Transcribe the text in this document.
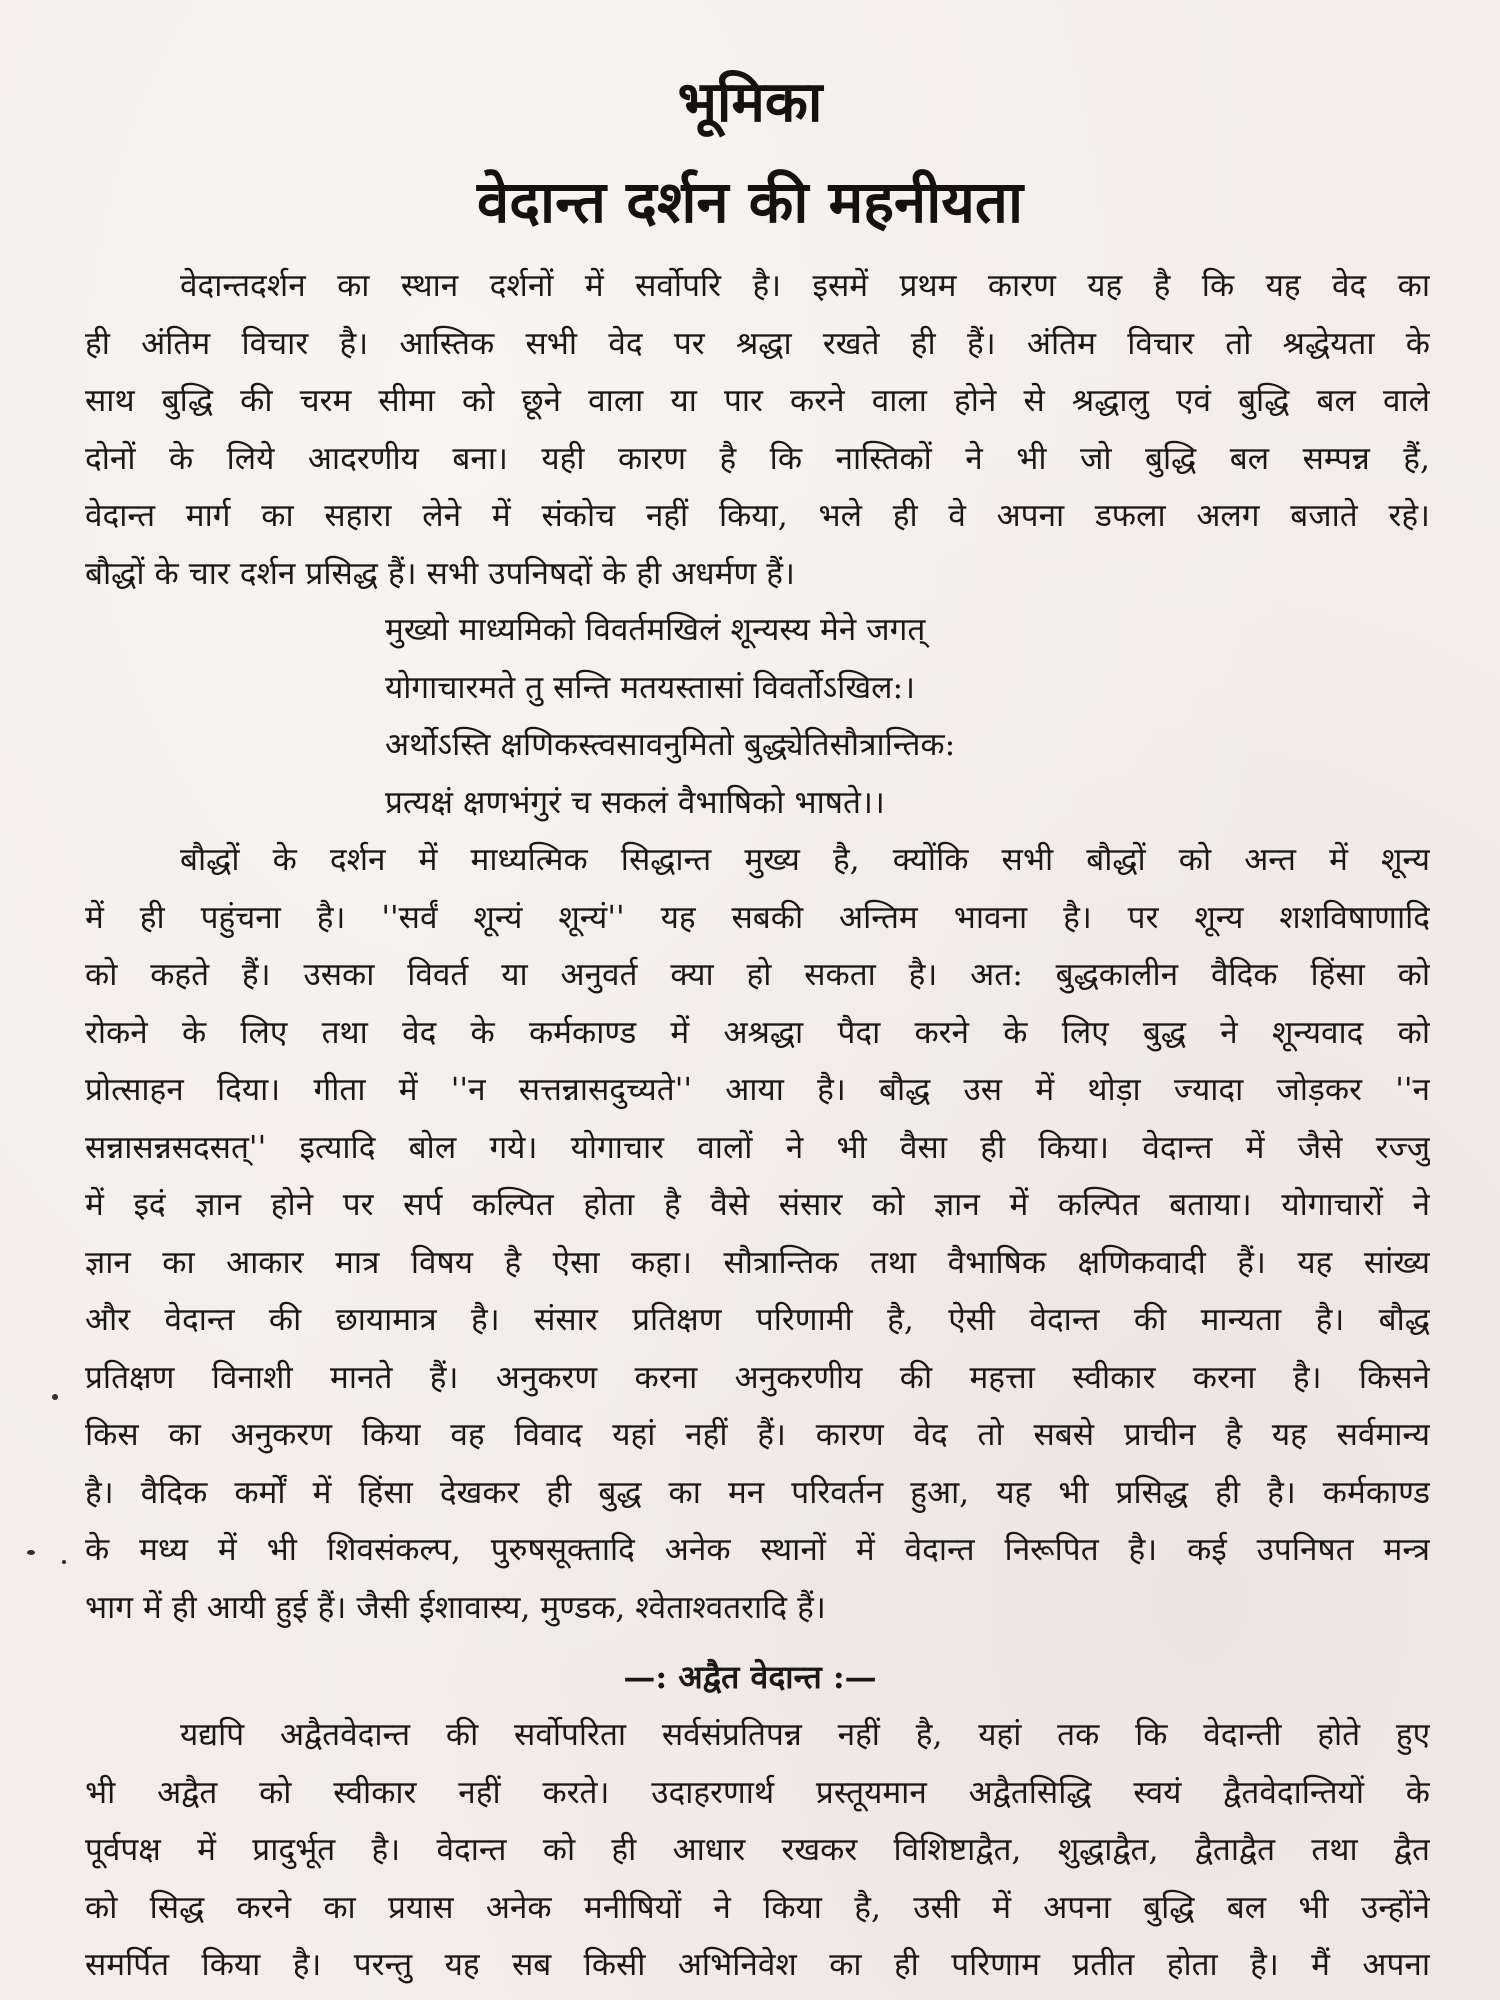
भूमिका
वेदान्त दर्शन की महनीयता
वेदान्तदर्शन का स्थान दर्शनों में सर्वोपरि है। इसमें प्रथम कारण यह है कि यह वेद का
ही अंतिम विचार है। आस्तिक सभी वेद पर श्रद्धा रखते ही हैं। अंतिम विचार तो श्रद्धेयता के
साथ बुद्धि की चरम सीमा को छूने वाला या पार करने वाला होने से श्रद्धालु एवं बुद्धि बल वाले
दोनों के लिये आदरणीय बना। यही कारण है कि नास्तिकों ने भी जो बुद्धि बल सम्पन्न हैं,
वेदान्त मार्ग का सहारा लेने में संकोच नहीं किया, भले ही वे अपना डफला अलग बजाते रहे।
बौद्धों के चार दर्शन प्रसिद्ध हैं। सभी उपनिषदों के ही अधर्मण हैं।
मुख्यो माध्यमिको विवर्तमखिलं शून्यस्य मेने जगत्
योगाचारमते तु सन्ति मतयस्तासां विवर्तोऽखिल:।
अर्थोऽस्ति क्षणिकस्त्वसावनुमितो बुद्ध्येतिसौत्रान्तिक:
प्रत्यक्षं क्षणभंगुरं च सकलं वैभाषिको भाषते।।
बौद्धों के दर्शन में माध्यत्मिक सिद्धान्त मुख्य है, क्योंकि सभी बौद्धों को अन्त में शून्य
में ही पहुंचना है। ''सर्वं शून्यं शून्यं'' यह सबकी अन्तिम भावना है। पर शून्य शशविषाणादि
को कहते हैं। उसका विवर्त या अनुवर्त क्या हो सकता है। अत: बुद्धकालीन वैदिक हिंसा को
रोकने के लिए तथा वेद के कर्मकाण्ड में अश्रद्धा पैदा करने के लिए बुद्ध ने शून्यवाद को
प्रोत्साहन दिया। गीता में ''न सत्तन्नासदुच्यते'' आया है। बौद्ध उस में थोड़ा ज्यादा जोड़कर ''न
सन्नासन्नसदसत्'' इत्यादि बोल गये। योगाचार वालों ने भी वैसा ही किया। वेदान्त में जैसे रज्जु
में इदं ज्ञान होने पर सर्प कल्पित होता है वैसे संसार को ज्ञान में कल्पित बताया। योगाचारों ने
ज्ञान का आकार मात्र विषय है ऐसा कहा। सौत्रान्तिक तथा वैभाषिक क्षणिकवादी हैं। यह सांख्य
और वेदान्त की छायामात्र है। संसार प्रतिक्षण परिणामी है, ऐसी वेदान्त की मान्यता है। बौद्ध
प्रतिक्षण विनाशी मानते हैं। अनुकरण करना अनुकरणीय की महत्ता स्वीकार करना है। किसने
किस का अनुकरण किया वह विवाद यहां नहीं हैं। कारण वेद तो सबसे प्राचीन है यह सर्वमान्य
है। वैदिक कर्मों में हिंसा देखकर ही बुद्ध का मन परिवर्तन हुआ, यह भी प्रसिद्ध ही है। कर्मकाण्ड
के मध्य में भी शिवसंकल्प, पुरुषसूक्तादि अनेक स्थानों में वेदान्त निरूपित है। कई उपनिषत मन्त्र
भाग में ही आयी हुई हैं। जैसी ईशावास्य, मुण्डक, श्वेताश्वतरादि हैं।
—: अद्वैत वेदान्त :—
यद्यपि अद्वैतवेदान्त की सर्वोपरिता सर्वसंप्रतिपन्न नहीं है, यहां तक कि वेदान्ती होते हुए
भी अद्वैत को स्वीकार नहीं करते। उदाहरणार्थ प्रस्तूयमान अद्वैतसिद्धि स्वयं द्वैतवेदान्तियों के
पूर्वपक्ष में प्रादुर्भूत है। वेदान्त को ही आधार रखकर विशिष्टाद्वैत, शुद्धाद्वैत, द्वैताद्वैत तथा द्वैत
को सिद्ध करने का प्रयास अनेक मनीषियों ने किया है, उसी में अपना बुद्धि बल भी उन्होंने
समर्पित किया है। परन्तु यह सब किसी अभिनिवेश का ही परिणाम प्रतीत होता है। मैं अपना
